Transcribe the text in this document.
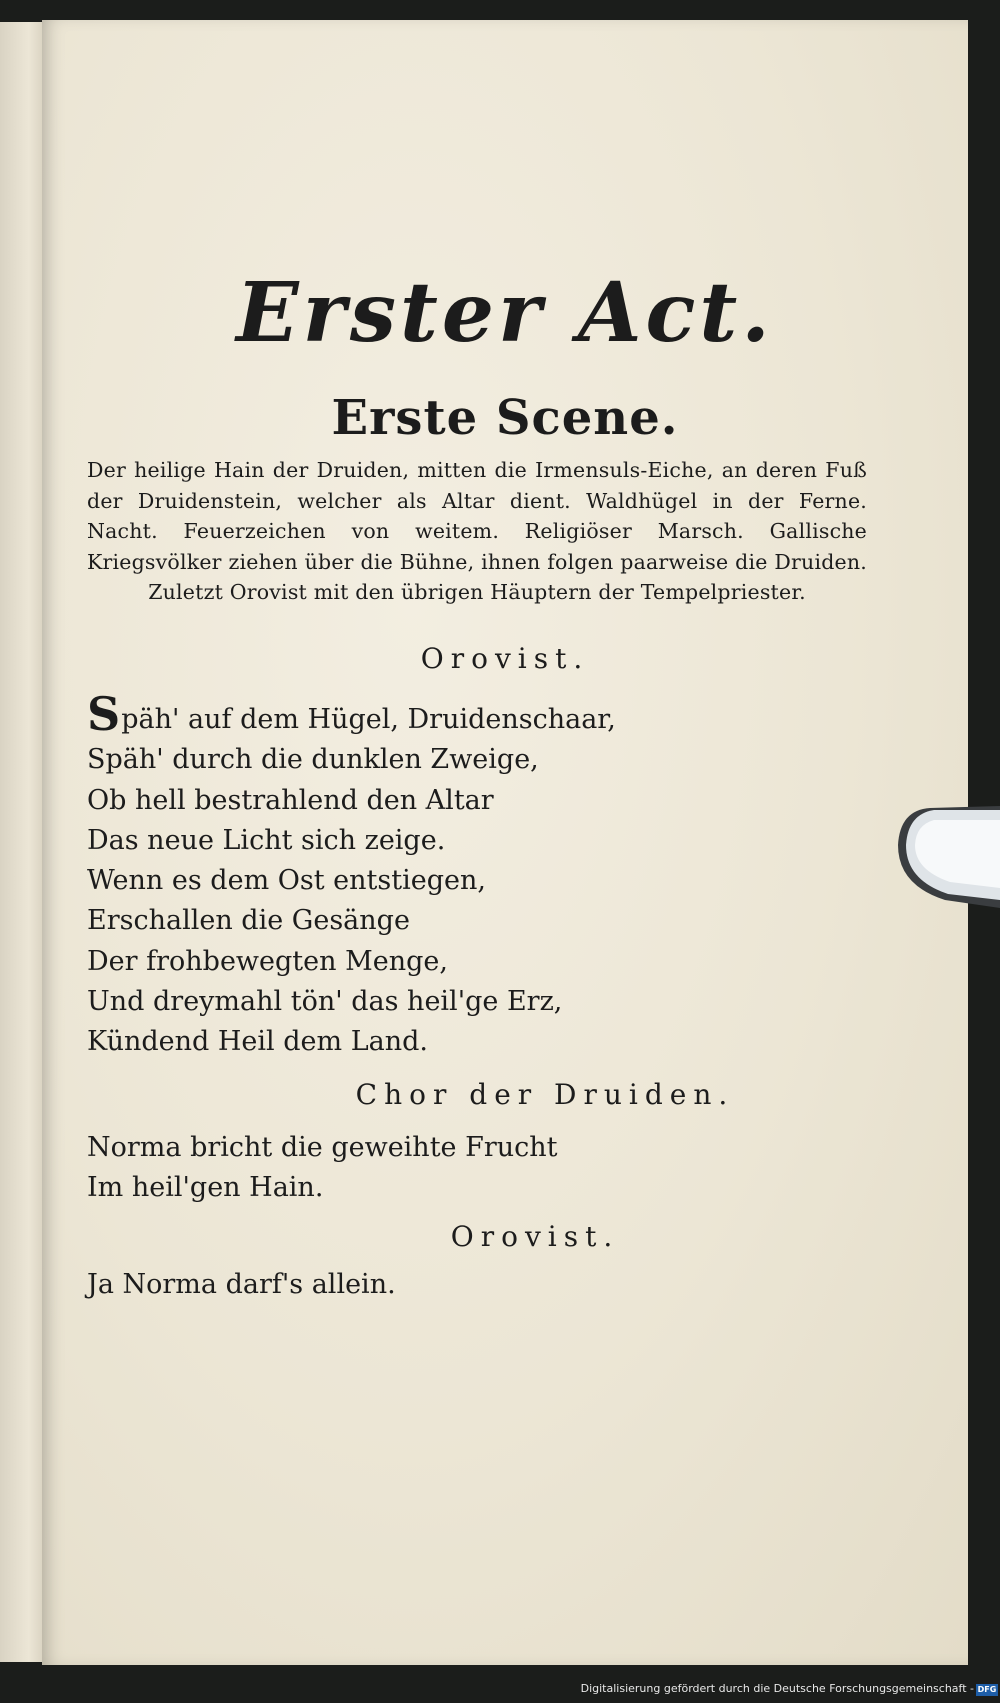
Erster Act.
Erste Scene.
Der heilige Hain der Druiden, mitten die Irmensuls-Eiche, an deren Fuß der Druidenstein, welcher als Altar dient. Waldhügel in der Ferne. Nacht. Feuerzeichen von weitem. Religiöser Marsch. Gallische Kriegsvölker ziehen über die Bühne, ihnen folgen paarweise die Druiden. Zuletzt Orovist mit den übrigen Häuptern der Tempelpriester.
Orovist.
Späh' auf dem Hügel, Druidenschaar,
Späh' durch die dunklen Zweige,
Ob hell bestrahlend den Altar
Das neue Licht sich zeige.
Wenn es dem Ost entstiegen,
Erschallen die Gesänge
Der frohbewegten Menge,
Und dreymahl tön' das heil'ge Erz,
Kündend Heil dem Land.
Chor der Druiden.
Norma bricht die geweihte Frucht
Im heil'gen Hain.
Orovist.
Ja Norma darf's allein.
Digitalisierung gefördert durch die Deutsche Forschungsgemeinschaft - DFG
